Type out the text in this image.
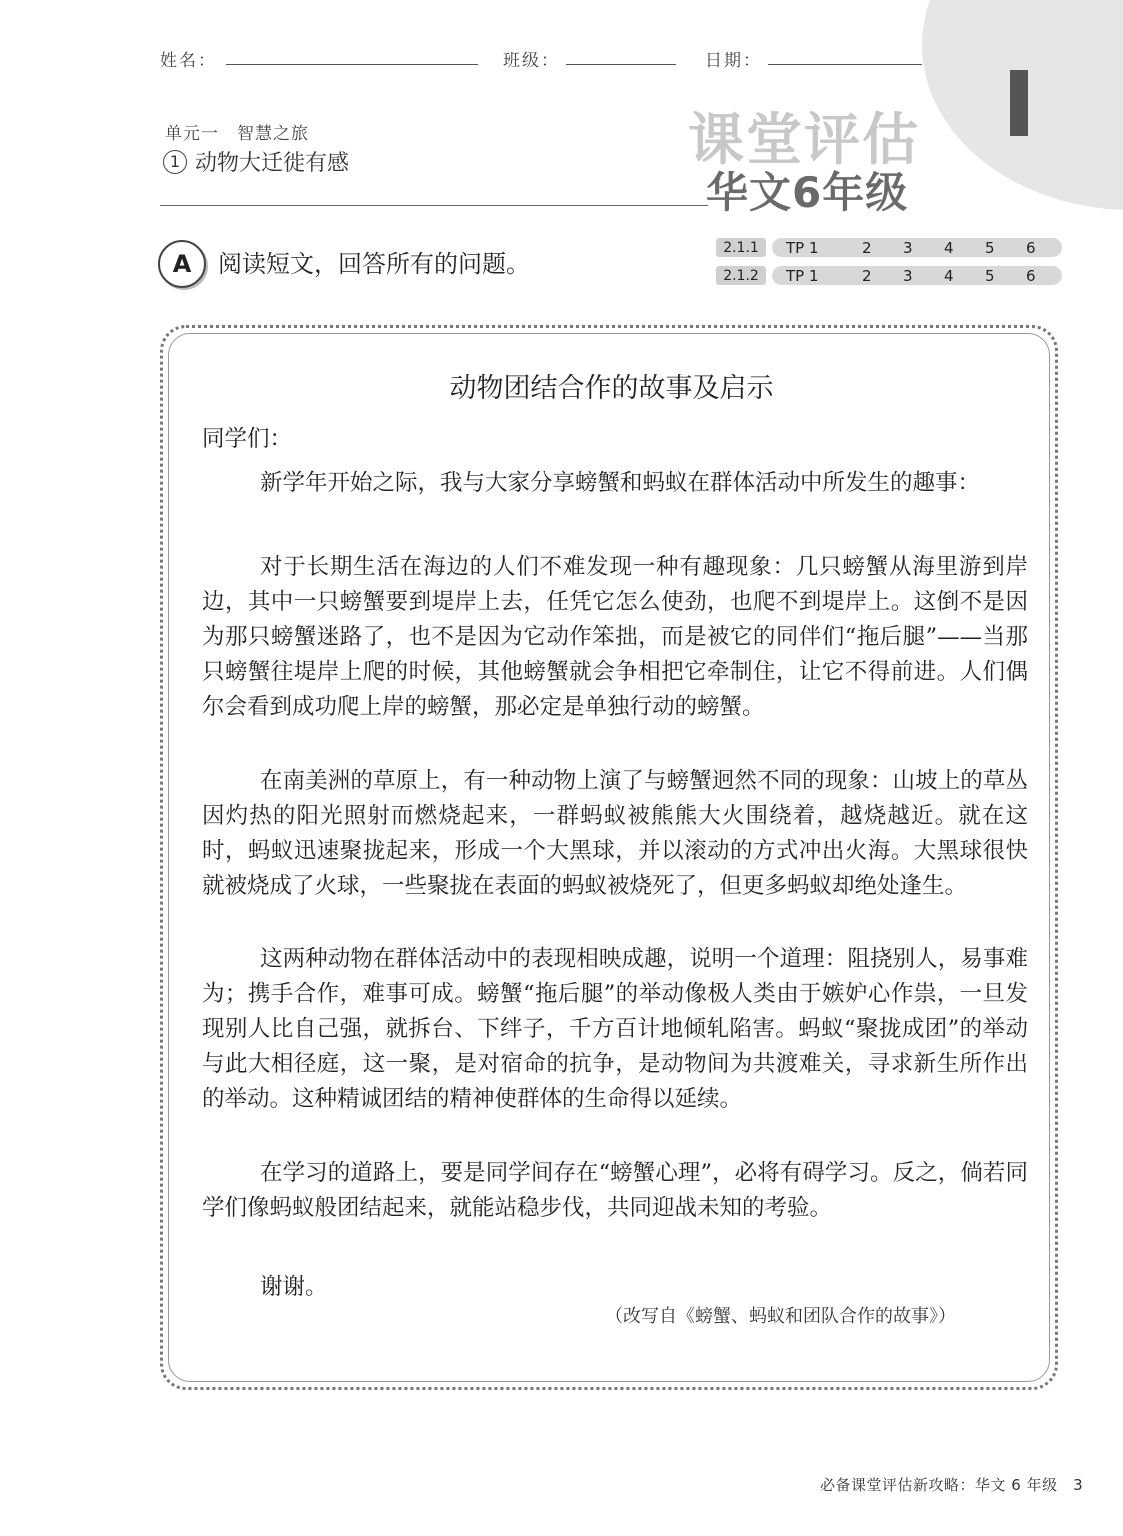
姓名：	班级：	日期：
单元一　智慧之旅
1 动物大迁徙有感	课堂评估
华文6年级
A	阅读短文，回答所有的问题。
2.1.1	TP 1	2 3 4 5 6
2.1.2	TP 1	2 3 4 5 6
动物团结合作的故事及启示
同学们：
新学年开始之际，我与大家分享螃蟹和蚂蚁在群体活动中所发生的趣事：
对于长期生活在海边的人们不难发现一种有趣现象：几只螃蟹从海里游到岸边，其中一只螃蟹要到堤岸上去，任凭它怎么使劲，也爬不到堤岸上。这倒不是因为那只螃蟹迷路了，也不是因为它动作笨拙，而是被它的同伴们“拖后腿”——当那只螃蟹往堤岸上爬的时候，其他螃蟹就会争相把它牵制住，让它不得前进。人们偶尔会看到成功爬上岸的螃蟹，那必定是单独行动的螃蟹。
在南美洲的草原上，有一种动物上演了与螃蟹迥然不同的现象：山坡上的草丛因灼热的阳光照射而燃烧起来，一群蚂蚁被熊熊大火围绕着，越烧越近。就在这时，蚂蚁迅速聚拢起来，形成一个大黑球，并以滚动的方式冲出火海。大黑球很快就被烧成了火球，一些聚拢在表面的蚂蚁被烧死了，但更多蚂蚁却绝处逢生。
这两种动物在群体活动中的表现相映成趣，说明一个道理：阻挠别人，易事难为；携手合作，难事可成。螃蟹“拖后腿”的举动像极人类由于嫉妒心作祟，一旦发现别人比自己强，就拆台、下绊子，千方百计地倾轧陷害。蚂蚁“聚拢成团”的举动与此大相径庭，这一聚，是对宿命的抗争，是动物间为共渡难关，寻求新生所作出的举动。这种精诚团结的精神使群体的生命得以延续。
在学习的道路上，要是同学间存在“螃蟹心理”，必将有碍学习。反之，倘若同学们像蚂蚁般团结起来，就能站稳步伐，共同迎战未知的考验。
谢谢。
（改写自《螃蟹、蚂蚁和团队合作的故事》）
必备课堂评估新攻略：华文 6 年级　3
